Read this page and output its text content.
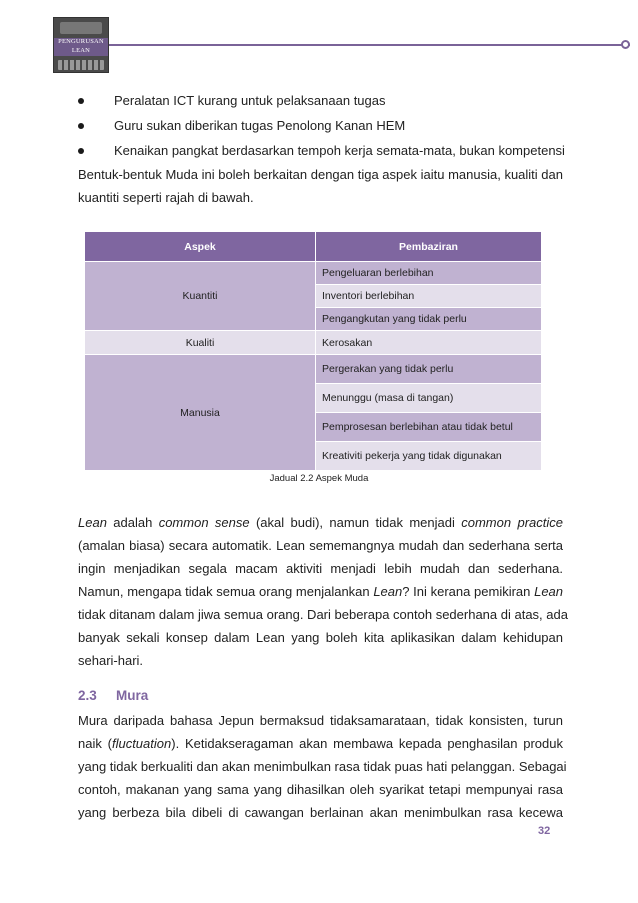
PENGURUSAN
LEAN
Peralatan ICT kurang untuk pelaksanaan tugas
Guru sukan diberikan tugas Penolong Kanan HEM
Kenaikan pangkat berdasarkan tempoh kerja semata-mata, bukan kompetensi
Bentuk-bentuk Muda ini boleh berkaitan dengan tiga aspek iaitu manusia, kualiti dan
kuantiti seperti rajah di bawah.
Aspek	Pembaziran
Kuantiti	Pengeluaran berlebihan
	Inventori berlebihan
	Pengangkutan yang tidak perlu
Kualiti	Kerosakan
Manusia	Pergerakan yang tidak perlu
	Menunggu (masa di tangan)
	Pemprosesan berlebihan atau tidak betul
	Kreativiti pekerja yang tidak digunakan
Jadual 2.2 Aspek Muda
Lean adalah common sense (akal budi), namun tidak menjadi common practice
(amalan biasa) secara automatik. Lean sememangnya mudah dan sederhana serta
ingin menjadikan segala macam aktiviti menjadi lebih mudah dan sederhana.
Namun, mengapa tidak semua orang menjalankan Lean? Ini kerana pemikiran Lean
tidak ditanam dalam jiwa semua orang. Dari beberapa contoh sederhana di atas, ada
banyak sekali konsep dalam Lean yang boleh kita aplikasikan dalam kehidupan
sehari-hari.
2.3 Mura
Mura daripada bahasa Jepun bermaksud tidaksamarataan, tidak konsisten, turun
naik (fluctuation). Ketidakseragaman akan membawa kepada penghasilan produk
yang tidak berkualiti dan akan menimbulkan rasa tidak puas hati pelanggan. Sebagai
contoh, makanan yang sama yang dihasilkan oleh syarikat tetapi mempunyai rasa
yang berbeza bila dibeli di cawangan berlainan akan menimbulkan rasa kecewa
32
